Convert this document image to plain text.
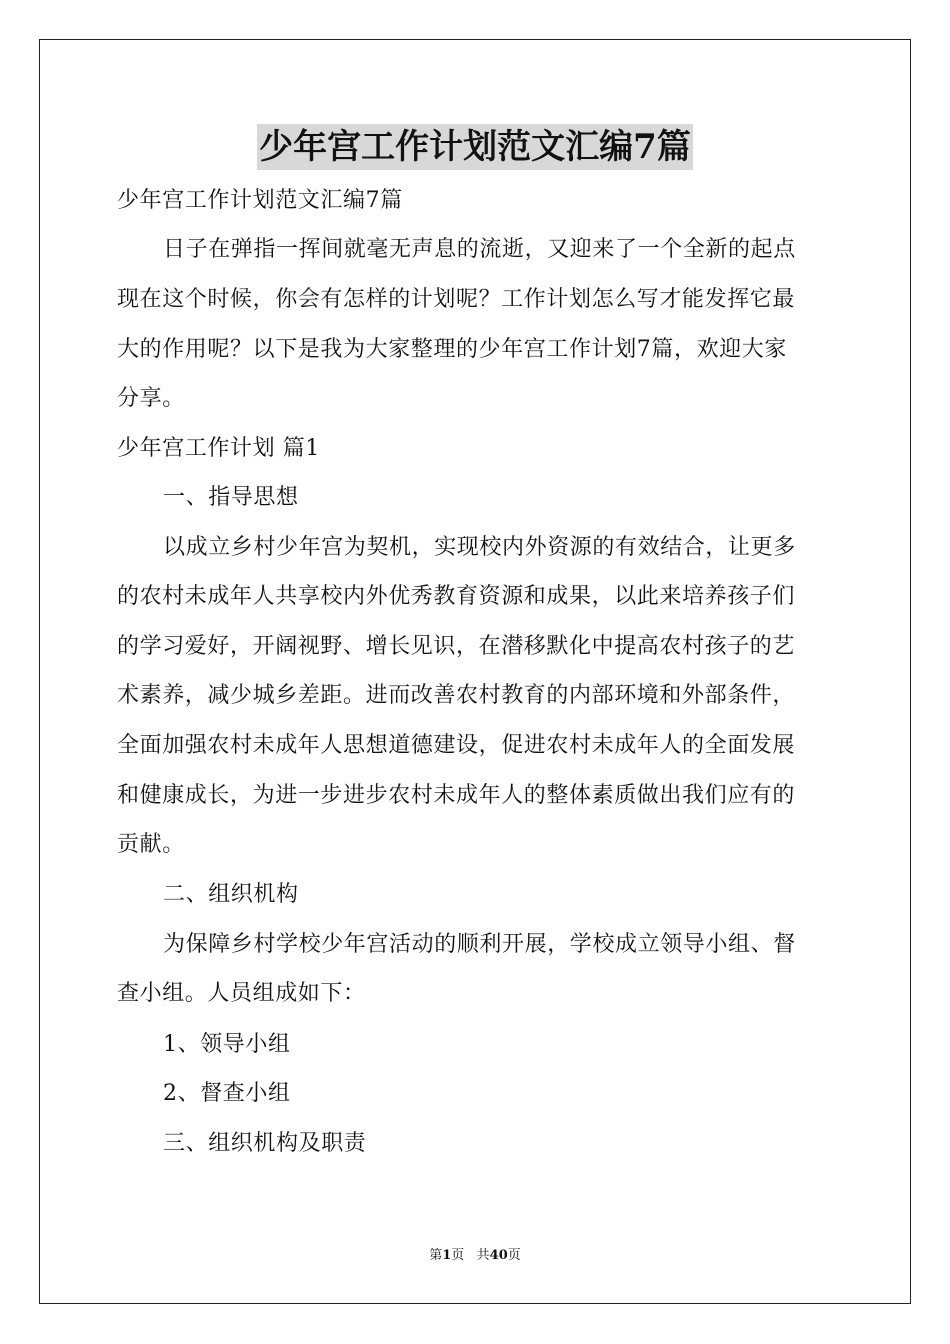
少年宫工作计划范文汇编7篇
少年宫工作计划范文汇编7篇
日子在弹指一挥间就毫无声息的流逝，又迎来了一个全新的起点
现在这个时候，你会有怎样的计划呢？工作计划怎么写才能发挥它最
大的作用呢？以下是我为大家整理的少年宫工作计划7篇，欢迎大家
分享。
少年宫工作计划 篇1
一、指导思想
以成立乡村少年宫为契机，实现校内外资源的有效结合，让更多
的农村未成年人共享校内外优秀教育资源和成果，以此来培养孩子们
的学习爱好，开阔视野、增长见识，在潜移默化中提高农村孩子的艺
术素养，减少城乡差距。进而改善农村教育的内部环境和外部条件，
全面加强农村未成年人思想道德建设，促进农村未成年人的全面发展
和健康成长，为进一步进步农村未成年人的整体素质做出我们应有的
贡献。
二、组织机构
为保障乡村学校少年宫活动的顺利开展，学校成立领导小组、督
查小组。人员组成如下：
1、领导小组
2、督查小组
三、组织机构及职责
第1页   共40页
